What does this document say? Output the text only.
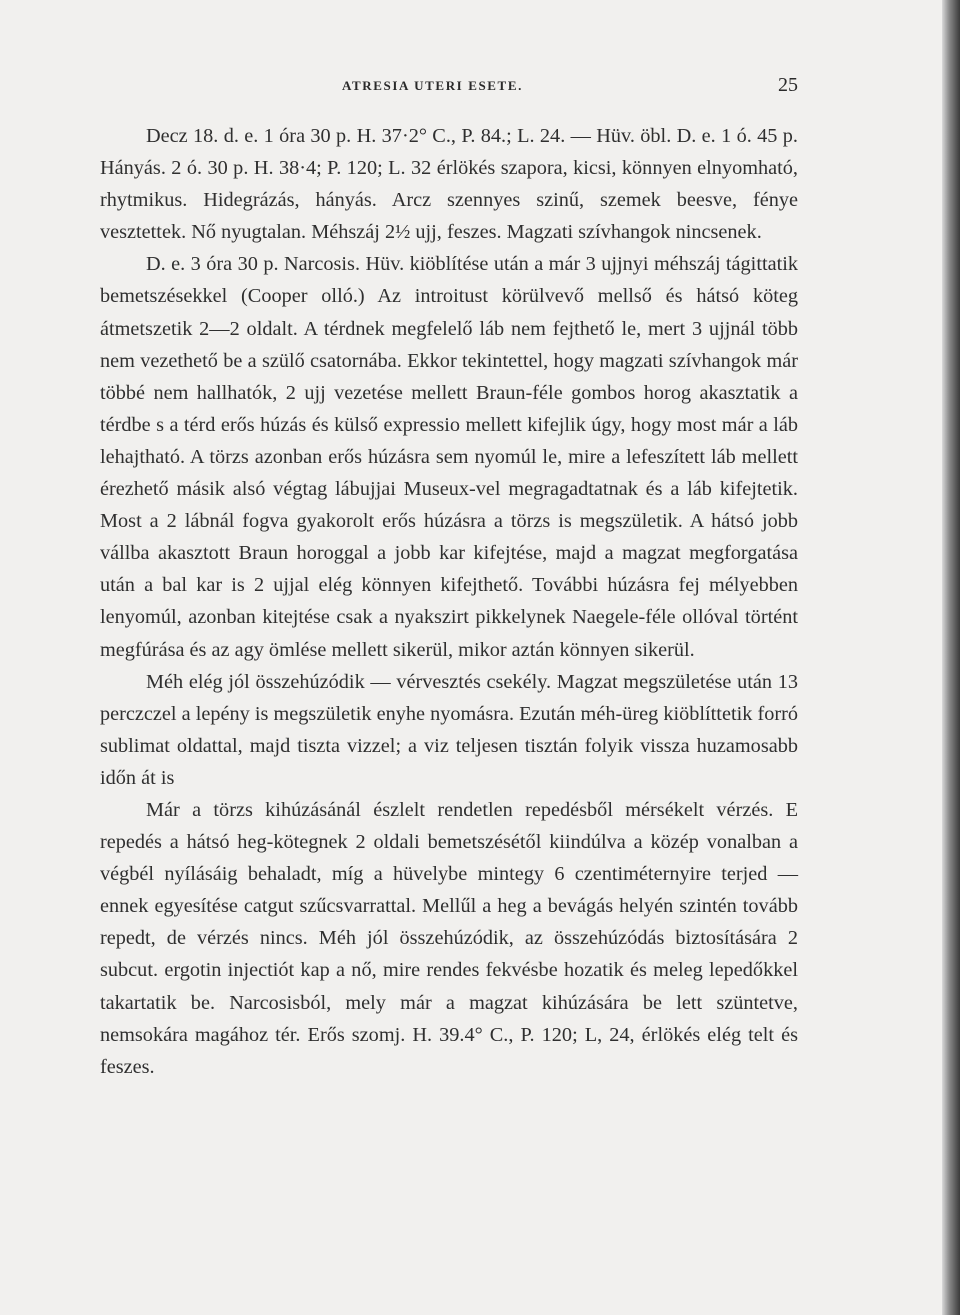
ATRESIA UTERI ESETE.	25

Decz 18. d. e. 1 óra 30 p. H. 37·2° C., P. 84.; L. 24. — Hüv. öbl. D. e. 1 ó. 45 p. Hányás. 2 ó. 30 p. H. 38·4; P. 120; L. 32 érlökés szapora, kicsi, könnyen elnyomható, rhytmikus. Hidegrázás, hányás. Arcz szennyes szinű, szemek beesve, fénye vesztettek. Nő nyugtalan. Méhszáj 2½ ujj, feszes. Magzati szívhangok nincsenek.

D. e. 3 óra 30 p. Narcosis. Hüv. kiöblítése után a már 3 ujjnyi méhszáj tágittatik bemetszésekkel (Cooper olló.) Az introitust körülvevő mellső és hátsó köteg átmetszetik 2—2 oldalt. A térdnek megfelelő láb nem fejthető le, mert 3 ujjnál több nem vezethető be a szülő csatornába. Ekkor tekintettel, hogy magzati szívhangok már többé nem hallhatók, 2 ujj vezetése mellett Braun-féle gombos horog akasztatik a térdbe s a térd erős húzás és külső expressio mellett kifejlik úgy, hogy most már a láb lehajtható. A törzs azonban erős húzásra sem nyomúl le, mire a lefeszített láb mellett érezhető másik alsó végtag lábujjai Museux-vel megragadtatnak és a láb kifejtetik. Most a 2 lábnál fogva gyakorolt erős húzásra a törzs is megszületik. A hátsó jobb vállba akasztott Braun horoggal a jobb kar kifejtése, majd a magzat megforgatása után a bal kar is 2 ujjal elég könnyen kifejthető. További húzásra fej mélyebben lenyomúl, azonban kitejtése csak a nyakszirt pikkelynek Naegele-féle ollóval történt megfúrása és az agy ömlése mellett sikerül, mikor aztán könnyen sikerül.

Méh elég jól összehúzódik — vérvesztés csekély. Magzat megszületése után 13 perczczel a lepény is megszületik enyhe nyomásra. Ezután méh-üreg kiöblíttetik forró sublimat oldattal, majd tiszta vizzel; a viz teljesen tisztán folyik vissza huzamosabb időn át is

Már a törzs kihúzásánál észlelt rendetlen repedésből mérsékelt vérzés. E repedés a hátsó heg-kötegnek 2 oldali bemetszésétől kiindúlva a közép vonalban a végbél nyílásáig behaladt, míg a hüvelybe mintegy 6 czentiméternyire terjed — ennek egyesítése catgut szűcsvarrattal. Mellűl a heg a bevágás helyén szintén tovább repedt, de vérzés nincs. Méh jól összehúzódik, az összehúzódás biztosítására 2 subcut. ergotin injectiót kap a nő, mire rendes fekvésbe hozatik és meleg lepedőkkel takartatik be. Narcosisból, mely már a magzat kihúzására be lett szüntetve, nemsokára magához tér. Erős szomj. H. 39.4° C., P. 120; L, 24, érlökés elég telt és feszes.
